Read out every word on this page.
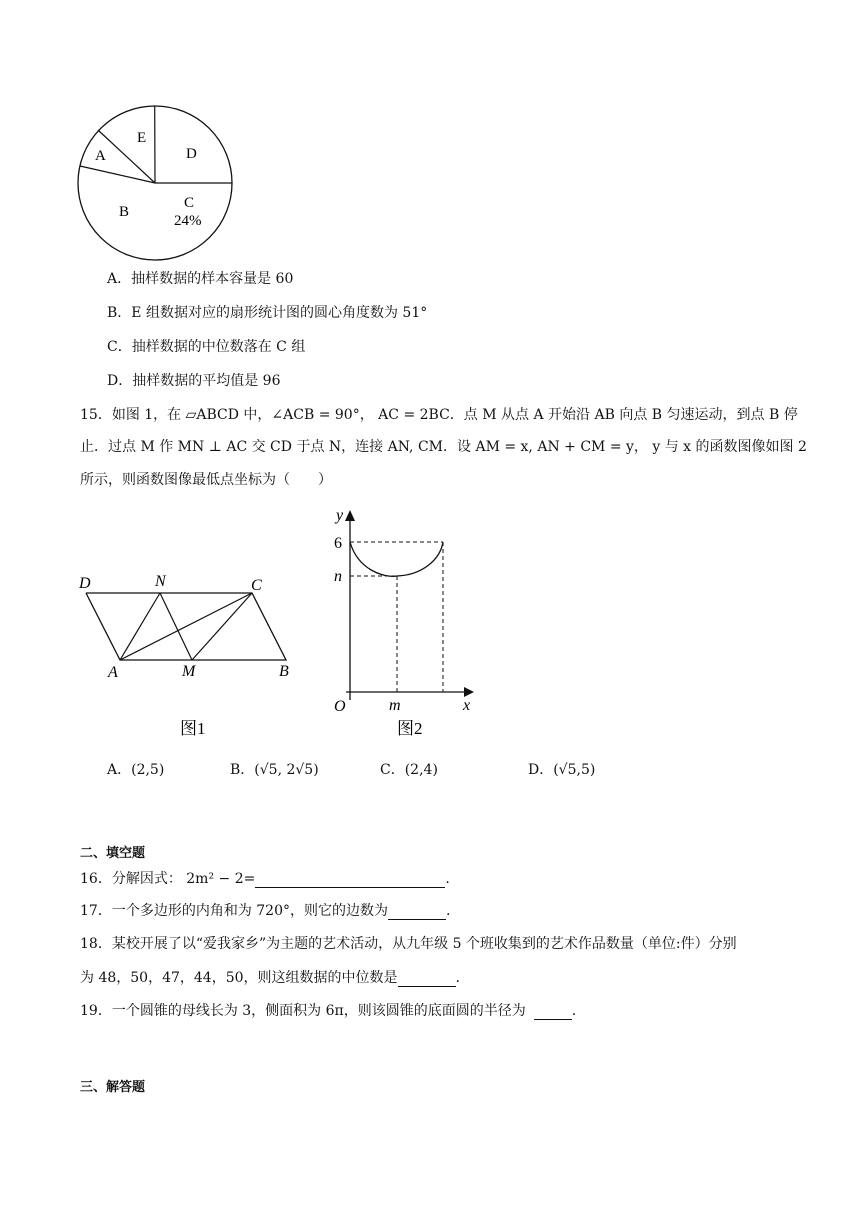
E
D
A
B
C
24%
A．抽样数据的样本容量是 60
B．E 组数据对应的扇形统计图的圆心角度数为 51°
C．抽样数据的中位数落在 C 组
D．抽样数据的平均值是 96
15．如图 1，在 ▱ABCD 中，∠ACB = 90°， AC = 2BC．点 M 从点 A 开始沿 AB 向点 B 匀速运动，到点 B 停
止．过点 M 作 MN ⊥ AC 交 CD 于点 N，连接 AN, CM．设 AM = x, AN + CM = y， y 与 x 的函数图像如图 2
所示，则函数图像最低点坐标为（　　）
D	N	C
A	M	B
图1
y
6
n
O	m	x
图2
A．(2,5)	B．(√5, 2√5)	C．(2,4)	D．(√5,5)
二、填空题
16．分解因式： 2m² − 2=	.
17．一个多边形的内角和为 720°，则它的边数为	.
18．某校开展了以“爱我家乡”为主题的艺术活动，从九年级 5 个班收集到的艺术作品数量（单位:件）分别
为 48，50，47，44，50，则这组数据的中位数是	.
19．一个圆锥的母线长为 3，侧面积为 6π，则该圆锥的底面圆的半径为	.
三、解答题
